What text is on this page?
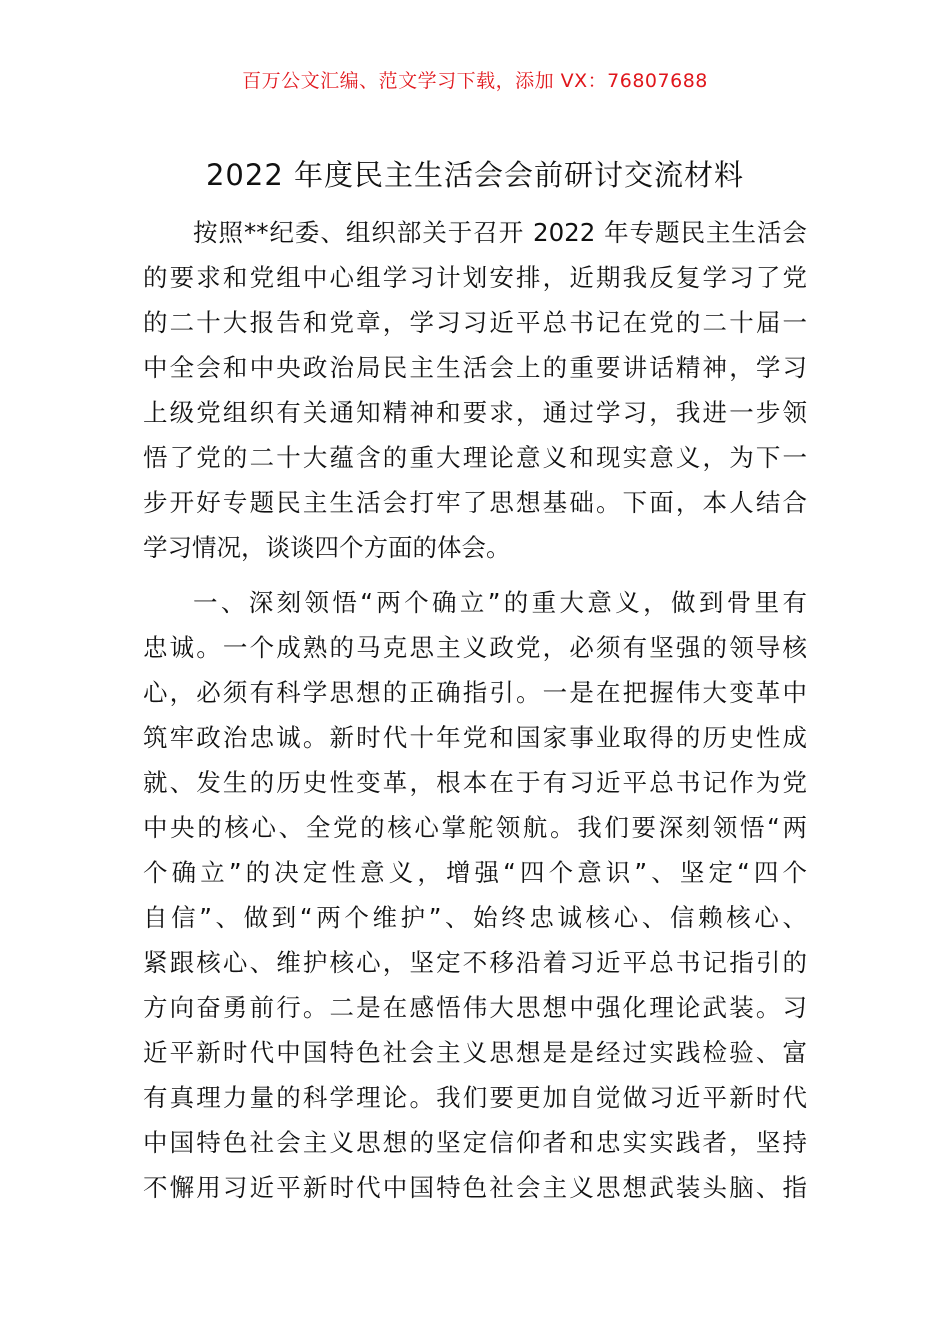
百万公文汇编、范文学习下载，添加 VX：76807688
2022 年度民主生活会会前研讨交流材料
按照**纪委、组织部关于召开 2022 年专题民主生活会
的要求和党组中心组学习计划安排，近期我反复学习了党
的二十大报告和党章，学习习近平总书记在党的二十届一
中全会和中央政治局民主生活会上的重要讲话精神，学习
上级党组织有关通知精神和要求，通过学习，我进一步领
悟了党的二十大蕴含的重大理论意义和现实意义，为下一
步开好专题民主生活会打牢了思想基础。下面，本人结合
学习情况，谈谈四个方面的体会。
一、深刻领悟“两个确立”的重大意义，做到骨里有
忠诚。一个成熟的马克思主义政党，必须有坚强的领导核
心，必须有科学思想的正确指引。一是在把握伟大变革中
筑牢政治忠诚。新时代十年党和国家事业取得的历史性成
就、发生的历史性变革，根本在于有习近平总书记作为党
中央的核心、全党的核心掌舵领航。我们要深刻领悟“两
个确立”的决定性意义，增强“四个意识”、坚定“四个
自信”、做到“两个维护”、始终忠诚核心、信赖核心、
紧跟核心、维护核心，坚定不移沿着习近平总书记指引的
方向奋勇前行。二是在感悟伟大思想中强化理论武装。习
近平新时代中国特色社会主义思想是是经过实践检验、富
有真理力量的科学理论。我们要更加自觉做习近平新时代
中国特色社会主义思想的坚定信仰者和忠实实践者，坚持
不懈用习近平新时代中国特色社会主义思想武装头脑、指
